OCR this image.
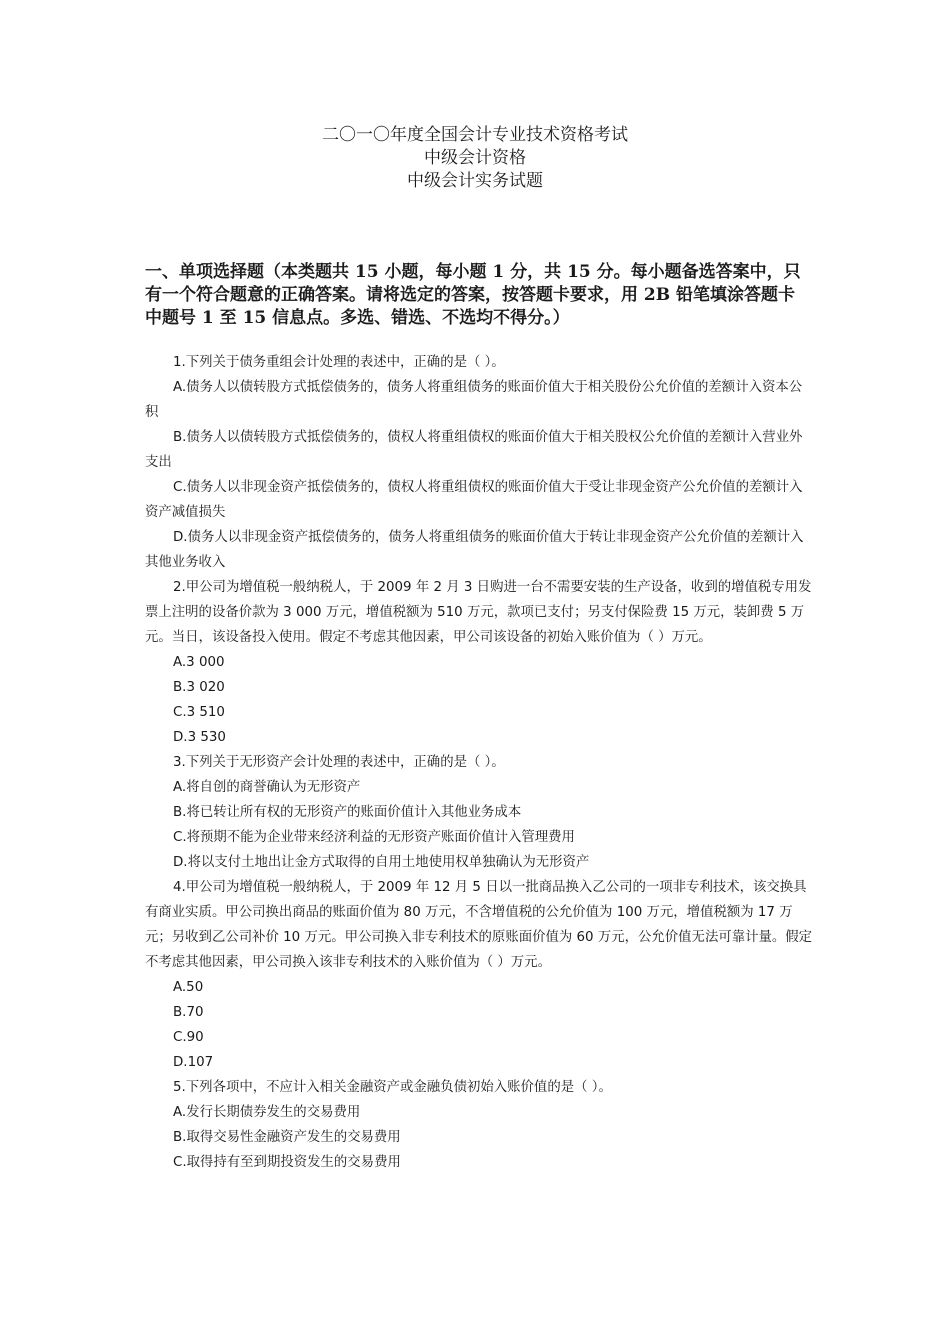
二〇一〇年度全国会计专业技术资格考试
中级会计资格
中级会计实务试题
一、单项选择题（本类题共 15 小题，每小题 1 分，共 15 分。每小题备选答案中，只有一个符合题意的正确答案。请将选定的答案，按答题卡要求，用 2B 铅笔填涂答题卡中题号 1 至 15 信息点。多选、错选、不选均不得分。）

1.下列关于债务重组会计处理的表述中，正确的是（ ）。

A.债务人以债转股方式抵偿债务的，债务人将重组债务的账面价值大于相关股份公允价值的差额计入资本公积

B.债务人以债转股方式抵偿债务的，债权人将重组债权的账面价值大于相关股权公允价值的差额计入营业外支出

C.债务人以非现金资产抵偿债务的，债权人将重组债权的账面价值大于受让非现金资产公允价值的差额计入资产减值损失

D.债务人以非现金资产抵偿债务的，债务人将重组债务的账面价值大于转让非现金资产公允价值的差额计入其他业务收入

2.甲公司为增值税一般纳税人，于 2009 年 2 月 3 日购进一台不需要安装的生产设备，收到的增值税专用发票上注明的设备价款为 3 000 万元，增值税额为 510 万元，款项已支付；另支付保险费 15 万元，装卸费 5 万元。当日，该设备投入使用。假定不考虑其他因素，甲公司该设备的初始入账价值为（ ）万元。

A.3 000

B.3 020

C.3 510

D.3 530

3.下列关于无形资产会计处理的表述中，正确的是（ ）。

A.将自创的商誉确认为无形资产

B.将已转让所有权的无形资产的账面价值计入其他业务成本

C.将预期不能为企业带来经济利益的无形资产账面价值计入管理费用

D.将以支付土地出让金方式取得的自用土地使用权单独确认为无形资产

4.甲公司为增值税一般纳税人，于 2009 年 12 月 5 日以一批商品换入乙公司的一项非专利技术，该交换具有商业实质。甲公司换出商品的账面价值为 80 万元，不含增值税的公允价值为 100 万元，增值税额为 17 万元；另收到乙公司补价 10 万元。甲公司换入非专利技术的原账面价值为 60 万元，公允价值无法可靠计量。假定不考虑其他因素，甲公司换入该非专利技术的入账价值为（ ）万元。

A.50

B.70

C.90

D.107

5.下列各项中，不应计入相关金融资产或金融负债初始入账价值的是（ ）。

A.发行长期债券发生的交易费用

B.取得交易性金融资产发生的交易费用

C.取得持有至到期投资发生的交易费用
